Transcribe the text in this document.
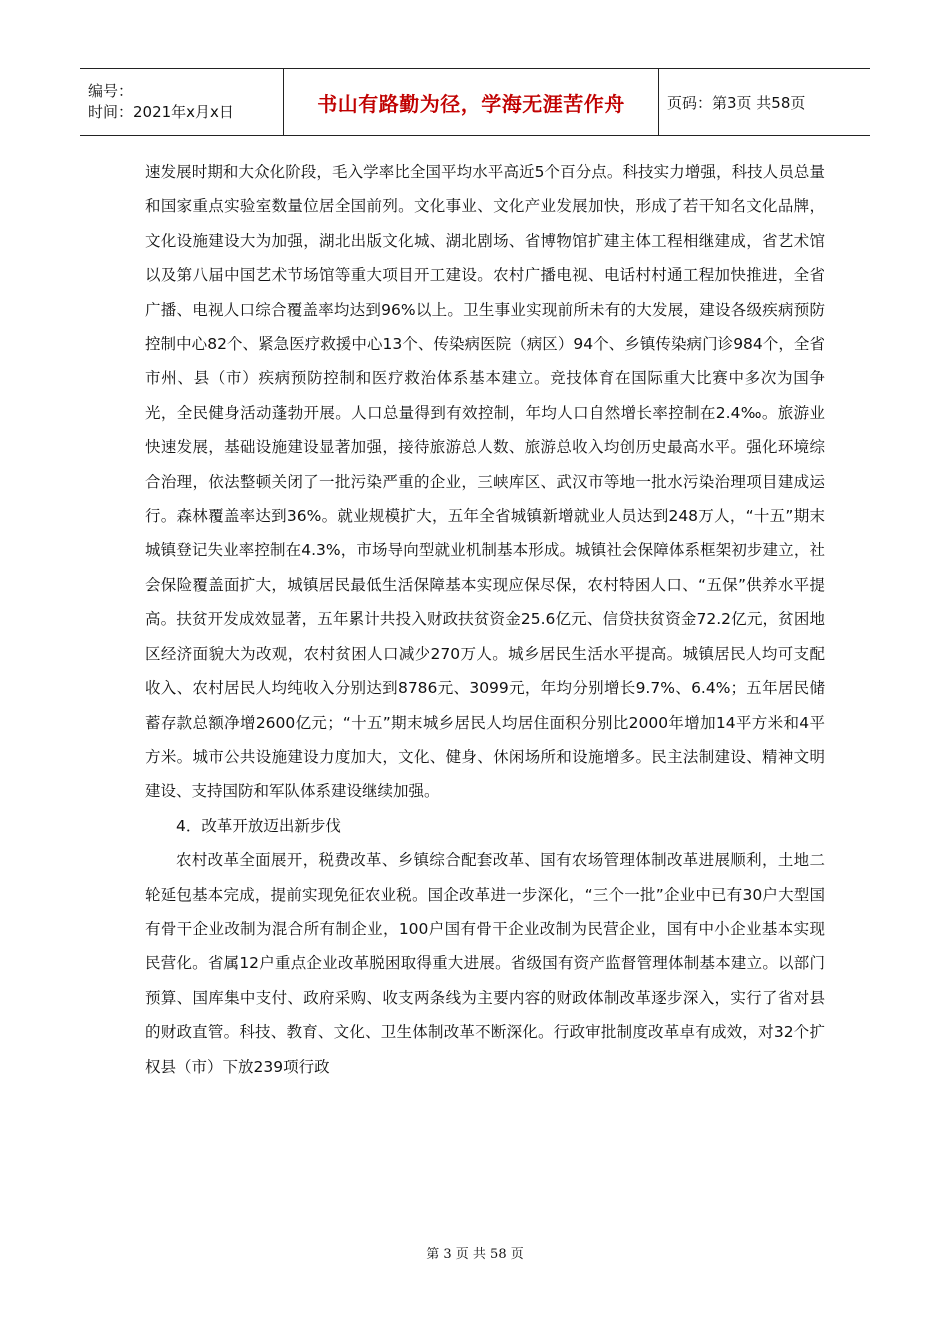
编号：
时间：2021年x月x日	书山有路勤为径，学海无涯苦作舟	页码：第3页 共58页

速发展时期和大众化阶段，毛入学率比全国平均水平高近5个百分点。科技实力增强，科技人员总量和国家重点实验室数量位居全国前列。文化事业、文化产业发展加快，形成了若干知名文化品牌，文化设施建设大为加强，湖北出版文化城、湖北剧场、省博物馆扩建主体工程相继建成，省艺术馆以及第八届中国艺术节场馆等重大项目开工建设。农村广播电视、电话村村通工程加快推进，全省广播、电视人口综合覆盖率均达到96%以上。卫生事业实现前所未有的大发展，建设各级疾病预防控制中心82个、紧急医疗救援中心13个、传染病医院（病区）94个、乡镇传染病门诊984个，全省市州、县（市）疾病预防控制和医疗救治体系基本建立。竞技体育在国际重大比赛中多次为国争光，全民健身活动蓬勃开展。人口总量得到有效控制，年均人口自然增长率控制在2.4‰。旅游业快速发展，基础设施建设显著加强，接待旅游总人数、旅游总收入均创历史最高水平。强化环境综合治理，依法整顿关闭了一批污染严重的企业，三峡库区、武汉市等地一批水污染治理项目建成运行。森林覆盖率达到36%。就业规模扩大，五年全省城镇新增就业人员达到248万人，“十五”期末城镇登记失业率控制在4.3%，市场导向型就业机制基本形成。城镇社会保障体系框架初步建立，社会保险覆盖面扩大，城镇居民最低生活保障基本实现应保尽保，农村特困人口、“五保”供养水平提高。扶贫开发成效显著，五年累计共投入财政扶贫资金25.6亿元、信贷扶贫资金72.2亿元，贫困地区经济面貌大为改观，农村贫困人口减少270万人。城乡居民生活水平提高。城镇居民人均可支配收入、农村居民人均纯收入分别达到8786元、3099元，年均分别增长9.7%、6.4%；五年居民储蓄存款总额净增2600亿元；“十五”期末城乡居民人均居住面积分别比2000年增加14平方米和4平方米。城市公共设施建设力度加大，文化、健身、休闲场所和设施增多。民主法制建设、精神文明建设、支持国防和军队体系建设继续加强。

4．改革开放迈出新步伐

农村改革全面展开，税费改革、乡镇综合配套改革、国有农场管理体制改革进展顺利，土地二轮延包基本完成，提前实现免征农业税。国企改革进一步深化，“三个一批”企业中已有30户大型国有骨干企业改制为混合所有制企业，100户国有骨干企业改制为民营企业，国有中小企业基本实现民营化。省属12户重点企业改革脱困取得重大进展。省级国有资产监督管理体制基本建立。以部门预算、国库集中支付、政府采购、收支两条线为主要内容的财政体制改革逐步深入，实行了省对县的财政直管。科技、教育、文化、卫生体制改革不断深化。行政审批制度改革卓有成效，对32个扩权县（市）下放239项行政

第 3 页 共 58 页
